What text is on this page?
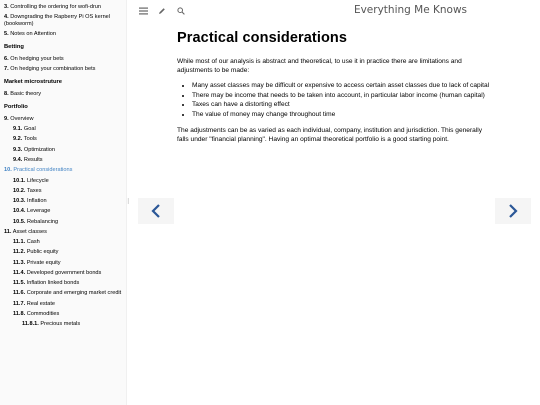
3. Controlling the ordering for wofi-drun
4. Downgrading the Rapberry Pi OS kernel (bookworm)
5. Notes on Attention
Betting
6. On hedging your bets
7. On hedging your combination bets
Market microstruture
8. Basic theory
Portfolio
9. Overview
9.1. Goal
9.2. Tools
9.3. Optimization
9.4. Results
10. Practical considerations
10.1. Lifecycle
10.2. Taxes
10.3. Inflation
10.4. Leverage
10.5. Rebalancing
11. Asset classes
11.1. Cash
11.2. Public equity
11.3. Private equity
11.4. Developed government bonds
11.5. Inflation linked bonds
11.6. Corporate and emerging market credit
11.7. Real estate
11.8. Commodities
11.8.1. Precious metals
⁝
Everything Me Knows
Practical considerations

While most of our analysis is abstract and theoretical, to use it in practice there are limitations and adjustments to be made:

• Many asset classes may be difficult or expensive to access certain asset classes due to lack of capital
• There may be income that needs to be taken into account, in particular labor income (human capital)
• Taxes can have a distorting effect
• The value of money may change throughout time

The adjustments can be as varied as each individual, company, institution and jurisdiction. This generally falls under "financial planning". Having an optimal theoretical portfolio is a good starting point.
